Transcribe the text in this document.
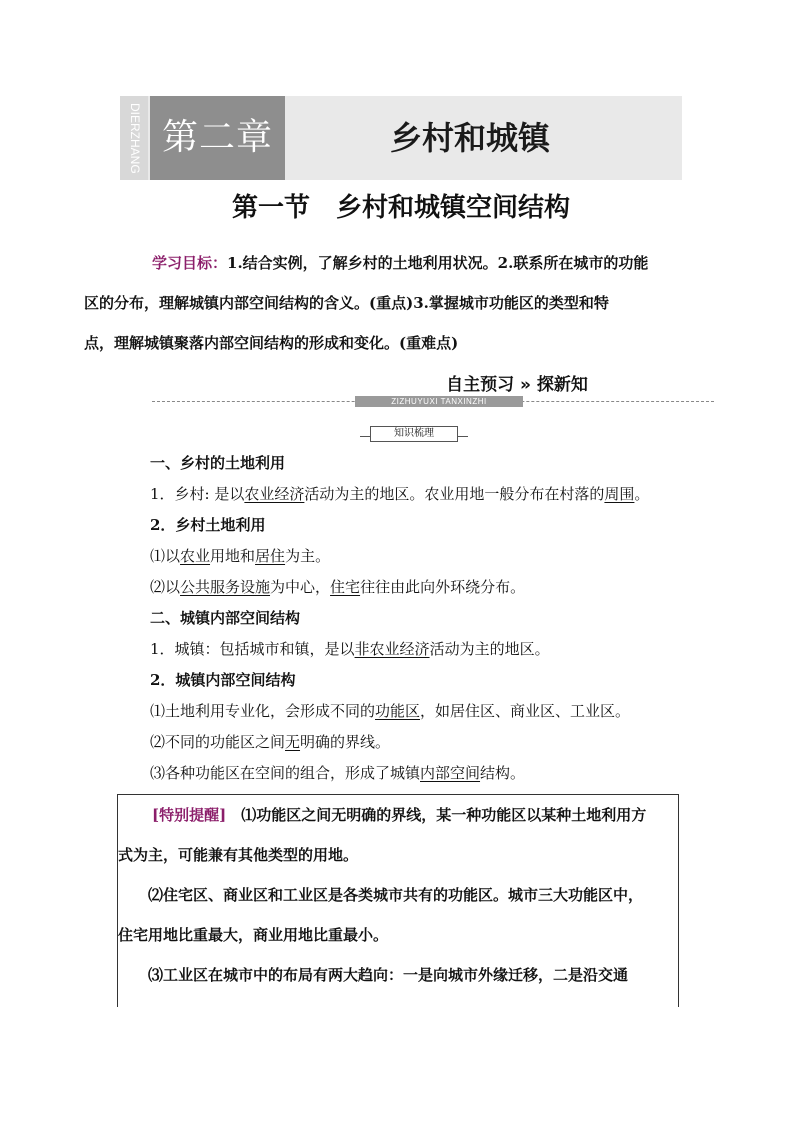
DIERZHANG 第二章	乡村和城镇
第一节　乡村和城镇空间结构
学习目标：1.结合实例，了解乡村的土地利用状况。2.联系所在城市的功能
区的分布，理解城镇内部空间结构的含义。(重点)3.掌握城市功能区的类型和特
点，理解城镇聚落内部空间结构的形成和变化。(重难点)
自主预习 » 探新知
ZIZHUYUXI TANXINZHI
知识梳理
一、乡村的土地利用
1．乡村: 是以农业经济活动为主的地区。农业用地一般分布在村落的周围。
2．乡村土地利用
⑴以农业用地和居住为主。
⑵以公共服务设施为中心，住宅往往由此向外环绕分布。
二、城镇内部空间结构
1．城镇：包括城市和镇，是以非农业经济活动为主的地区。
2．城镇内部空间结构
⑴土地利用专业化，会形成不同的功能区，如居住区、商业区、工业区。
⑵不同的功能区之间无明确的界线。
⑶各种功能区在空间的组合，形成了城镇内部空间结构。
[特别提醒]　⑴功能区之间无明确的界线，某一种功能区以某种土地利用方
式为主，可能兼有其他类型的用地。
　　⑵住宅区、商业区和工业区是各类城市共有的功能区。城市三大功能区中，
住宅用地比重最大，商业用地比重最小。
　　⑶工业区在城市中的布局有两大趋向：一是向城市外缘迁移，二是沿交通
